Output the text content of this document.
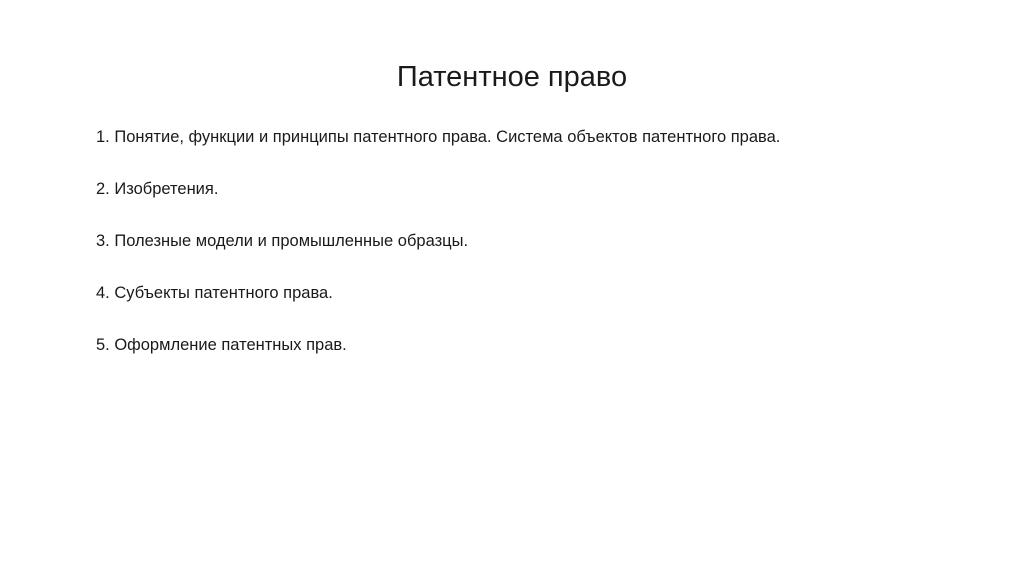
Патентное право
1. Понятие, функции и принципы патентного права. Система объектов патентного права.
2. Изобретения.
3. Полезные модели и промышленные образцы.
4. Субъекты патентного права.
5. Оформление патентных прав.
